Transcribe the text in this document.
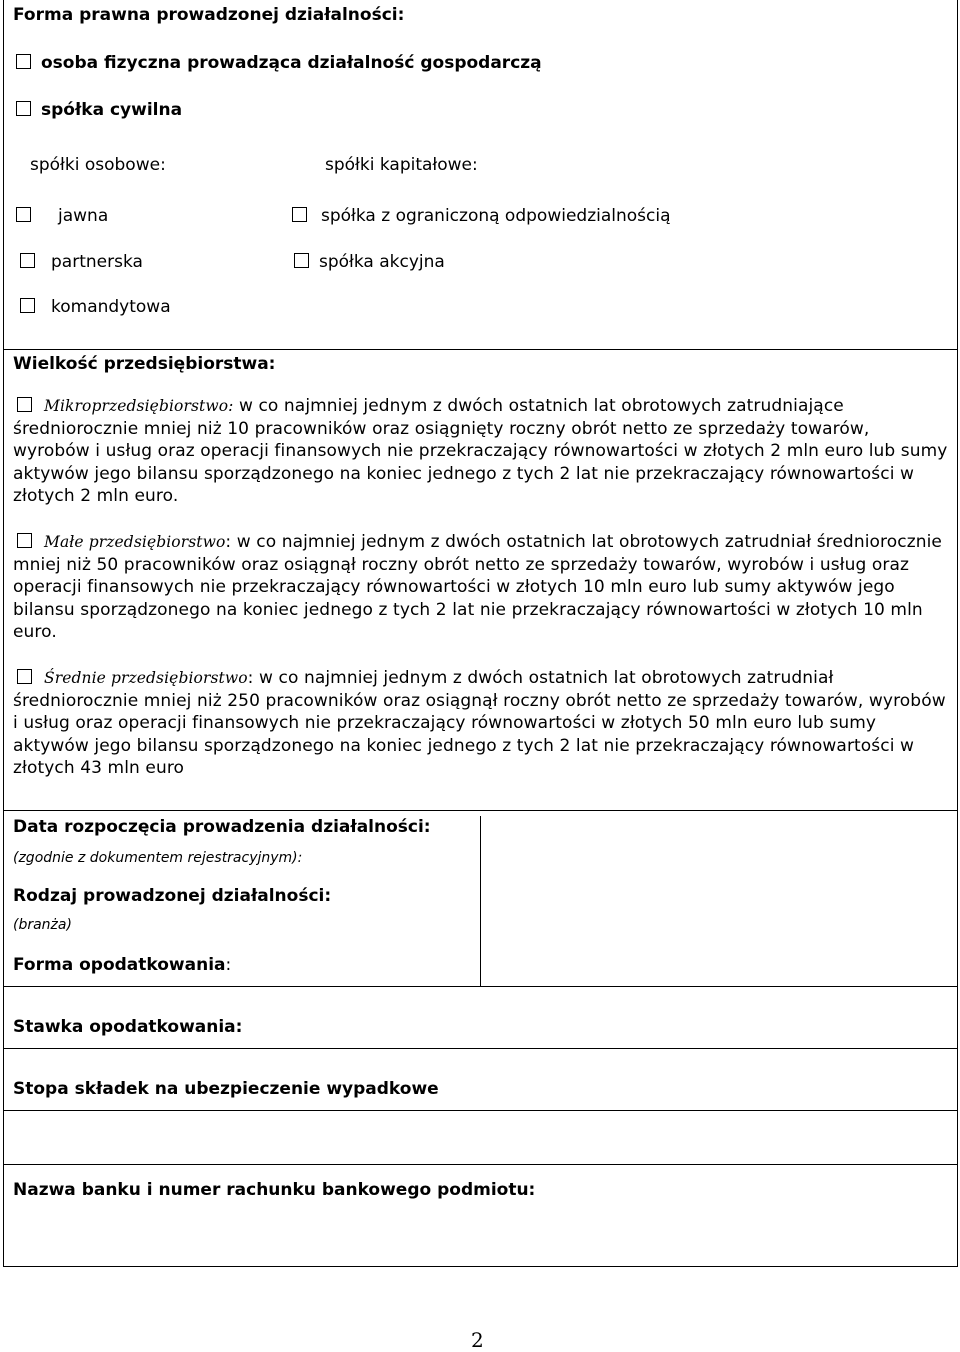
Forma prawna prowadzonej działalności:
osoba fizyczna prowadząca działalność gospodarczą
spółka cywilna
spółki osobowe:	spółki kapitałowe:
jawna	spółka z ograniczoną odpowiedzialnością
partnerska	spółka akcyjna
komandytowa
Wielkość przedsiębiorstwa:
Mikroprzedsiębiorstwo: w co najmniej jednym z dwóch ostatnich lat obrotowych zatrudniające średniorocznie mniej niż 10 pracowników oraz osiągnięty roczny obrót netto ze sprzedaży towarów, wyrobów i usług oraz operacji finansowych nie przekraczający równowartości w złotych 2 mln euro lub sumy aktywów jego bilansu sporządzonego na koniec jednego z tych 2 lat nie przekraczający równowartości w złotych 2 mln euro.
Małe przedsiębiorstwo: w co najmniej jednym z dwóch ostatnich lat obrotowych zatrudniał średniorocznie mniej niż 50 pracowników oraz osiągnął roczny obrót netto ze sprzedaży towarów, wyrobów i usług oraz operacji finansowych nie przekraczający równowartości w złotych 10 mln euro lub sumy aktywów jego bilansu sporządzonego na koniec jednego z tych 2 lat nie przekraczający równowartości w złotych 10 mln euro.
Średnie przedsiębiorstwo: w co najmniej jednym z dwóch ostatnich lat obrotowych zatrudniał średniorocznie mniej niż 250 pracowników oraz osiągnął roczny obrót netto ze sprzedaży towarów, wyrobów i usług oraz operacji finansowych nie przekraczający równowartości w złotych 50 mln euro lub sumy aktywów jego bilansu sporządzonego na koniec jednego z tych 2 lat nie przekraczający równowartości w złotych 43 mln euro
Data rozpoczęcia prowadzenia działalności:
(zgodnie z dokumentem rejestracyjnym):
Rodzaj prowadzonej działalności:
(branża)
Forma opodatkowania:
Stawka opodatkowania:
Stopa składek na ubezpieczenie wypadkowe
Nazwa banku i numer rachunku bankowego podmiotu:
2
